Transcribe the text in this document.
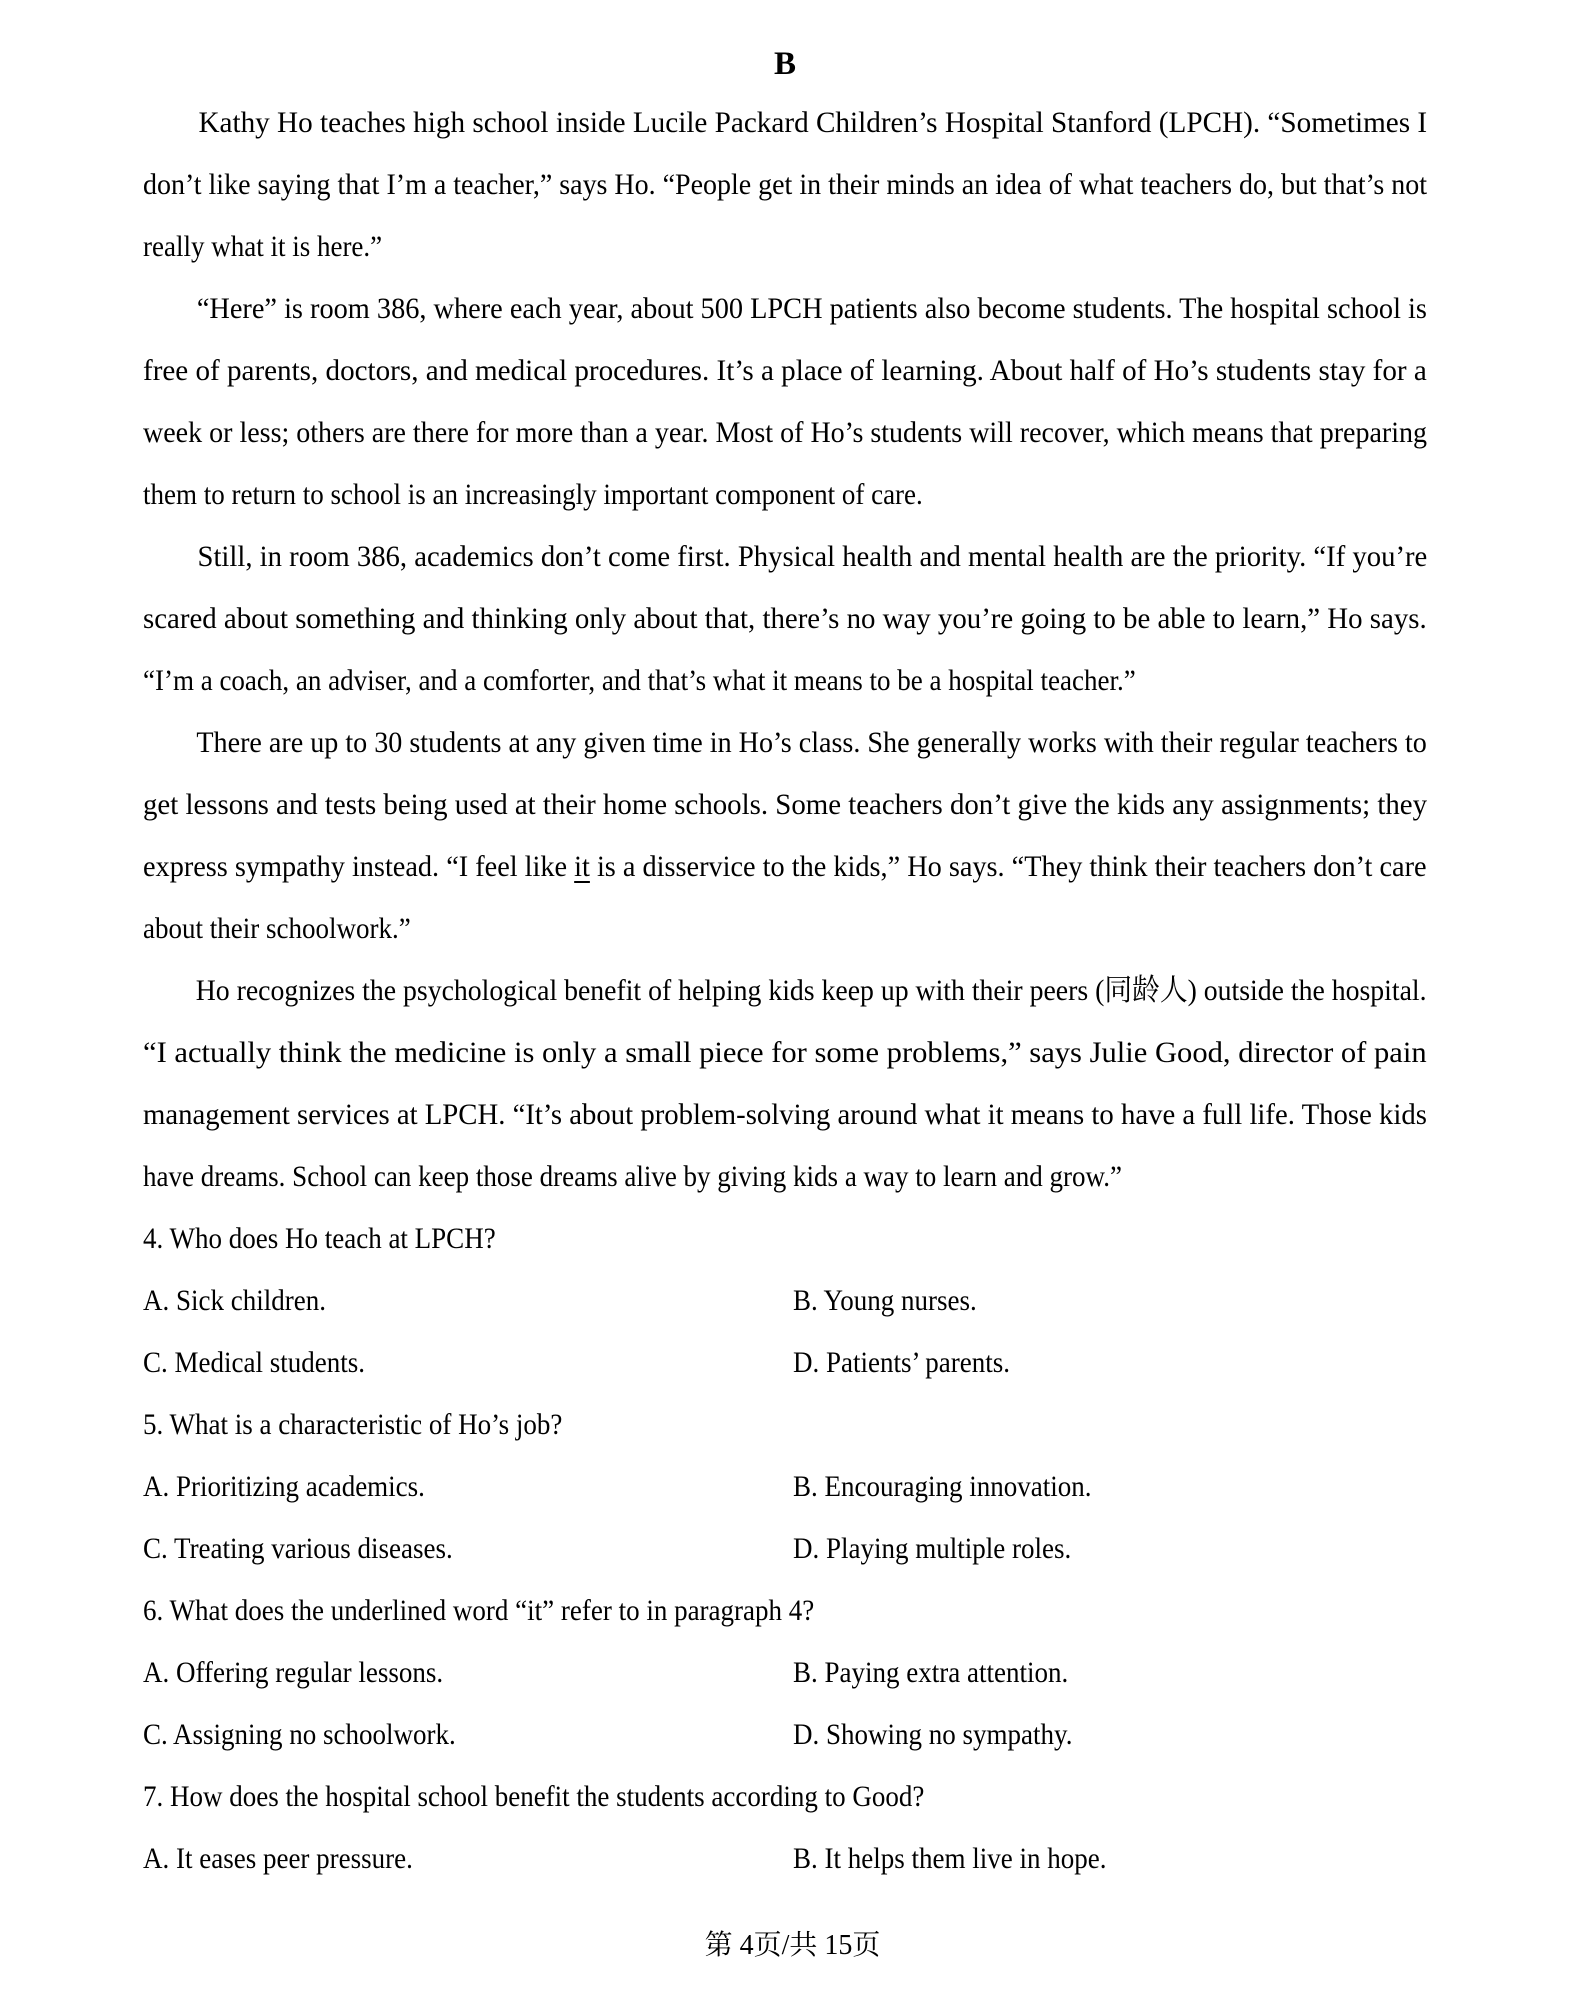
B
Kathy Ho teaches high school inside Lucile Packard Children’s Hospital Stanford (LPCH). “Sometimes I
don’t like saying that I’m a teacher,” says Ho. “People get in their minds an idea of what teachers do, but that’s not
really what it is here.”
“Here” is room 386, where each year, about 500 LPCH patients also become students. The hospital school is
free of parents, doctors, and medical procedures. It’s a place of learning. About half of Ho’s students stay for a
week or less; others are there for more than a year. Most of Ho’s students will recover, which means that preparing
them to return to school is an increasingly important component of care.
Still, in room 386, academics don’t come first. Physical health and mental health are the priority. “If you’re
scared about something and thinking only about that, there’s no way you’re going to be able to learn,” Ho says.
“I’m a coach, an adviser, and a comforter, and that’s what it means to be a hospital teacher.”
There are up to 30 students at any given time in Ho’s class. She generally works with their regular teachers to
get lessons and tests being used at their home schools. Some teachers don’t give the kids any assignments; they
express sympathy instead. “I feel like it is a disservice to the kids,” Ho says. “They think their teachers don’t care
about their schoolwork.”
Ho recognizes the psychological benefit of helping kids keep up with their peers (同龄人) outside the hospital.
“I actually think the medicine is only a small piece for some problems,” says Julie Good, director of pain
management services at LPCH. “It’s about problem-solving around what it means to have a full life. Those kids
have dreams. School can keep those dreams alive by giving kids a way to learn and grow.”
4. Who does Ho teach at LPCH?
A. Sick children.	B. Young nurses.
C. Medical students.	D. Patients’ parents.
5. What is a characteristic of Ho’s job?
A. Prioritizing academics.	B. Encouraging innovation.
C. Treating various diseases.	D. Playing multiple roles.
6. What does the underlined word “it” refer to in paragraph 4?
A. Offering regular lessons.	B. Paying extra attention.
C. Assigning no schoolwork.	D. Showing no sympathy.
7. How does the hospital school benefit the students according to Good?
A. It eases peer pressure.	B. It helps them live in hope.
第 4页/共 15页
